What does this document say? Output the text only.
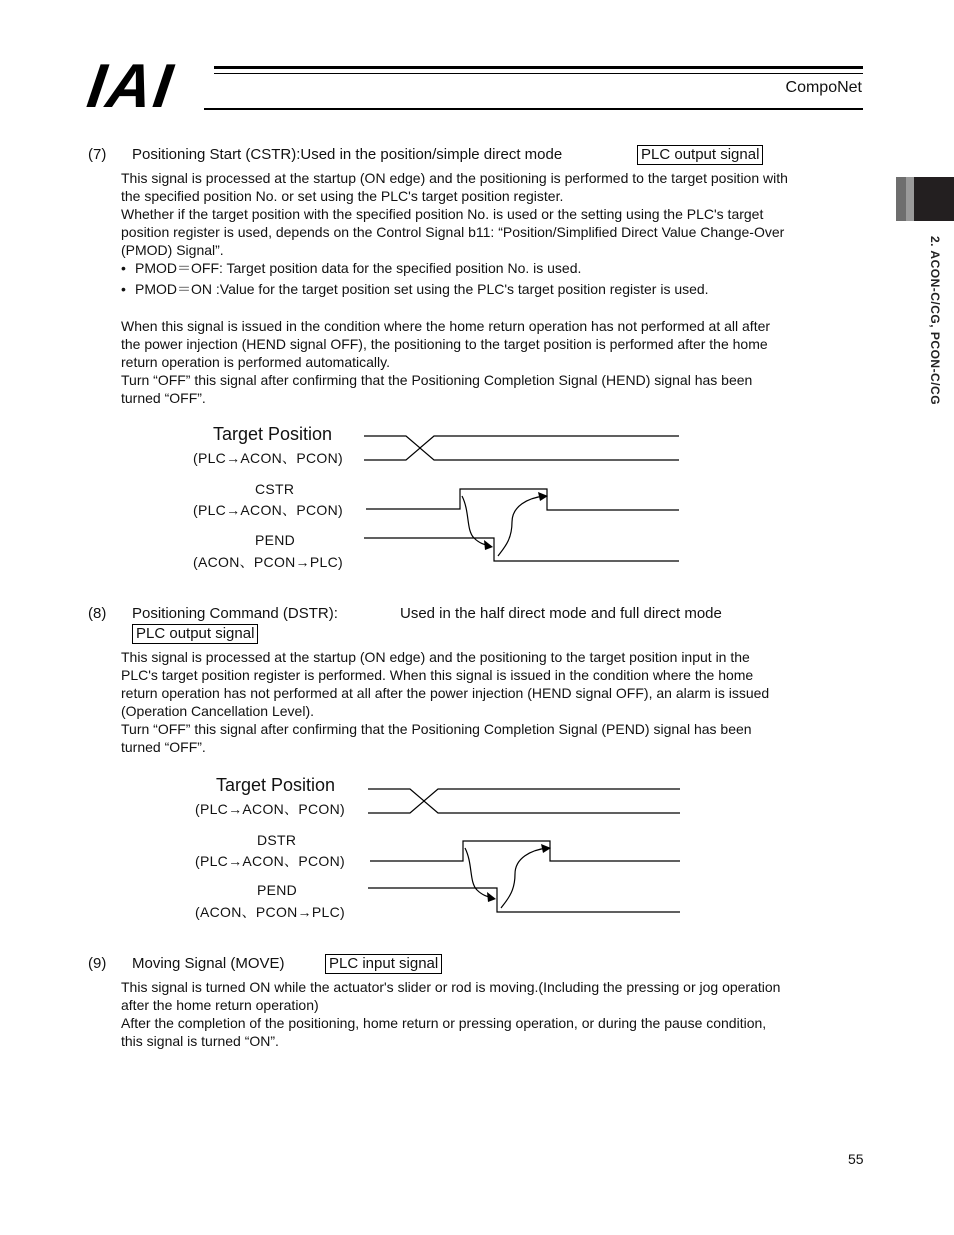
IAI	CompoNet
2. ACON-C/CG, PCON-C/CG
(7) Positioning Start (CSTR):Used in the position/simple direct mode	PLC output signal
This signal is processed at the startup (ON edge) and the positioning is performed to the target position with
the specified position No. or set using the PLC's target position register.
Whether if the target position with the specified position No. is used or the setting using the PLC's target
position register is used, depends on the Control Signal b11: “Position/Simplified Direct Value Change-Over
(PMOD) Signal”.
• PMOD＝OFF: Target position data for the specified position No. is used.
• PMOD＝ON :Value for the target position set using the PLC's target position register is used.
When this signal is issued in the condition where the home return operation has not performed at all after
the power injection (HEND signal OFF), the positioning to the target position is performed after the home
return operation is performed automatically.
Turn “OFF” this signal after confirming that the Positioning Completion Signal (HEND) signal has been
turned “OFF”.
Target Position
(PLC→ACON、PCON)
CSTR
(PLC→ACON、PCON)
PEND
(ACON、PCON→PLC)
(8) Positioning Command (DSTR):	Used in the half direct mode and full direct mode
PLC output signal
This signal is processed at the startup (ON edge) and the positioning to the target position input in the
PLC's target position register is performed. When this signal is issued in the condition where the home
return operation has not performed at all after the power injection (HEND signal OFF), an alarm is issued
(Operation Cancellation Level).
Turn “OFF” this signal after confirming that the Positioning Completion Signal (PEND) signal has been
turned “OFF”.
Target Position
(PLC→ACON、PCON)
DSTR
(PLC→ACON、PCON)
PEND
(ACON、PCON→PLC)
(9) Moving Signal (MOVE)	PLC input signal
This signal is turned ON while the actuator's slider or rod is moving.(Including the pressing or jog operation
after the home return operation)
After the completion of the positioning, home return or pressing operation, or during the pause condition,
this signal is turned “ON”.
55
